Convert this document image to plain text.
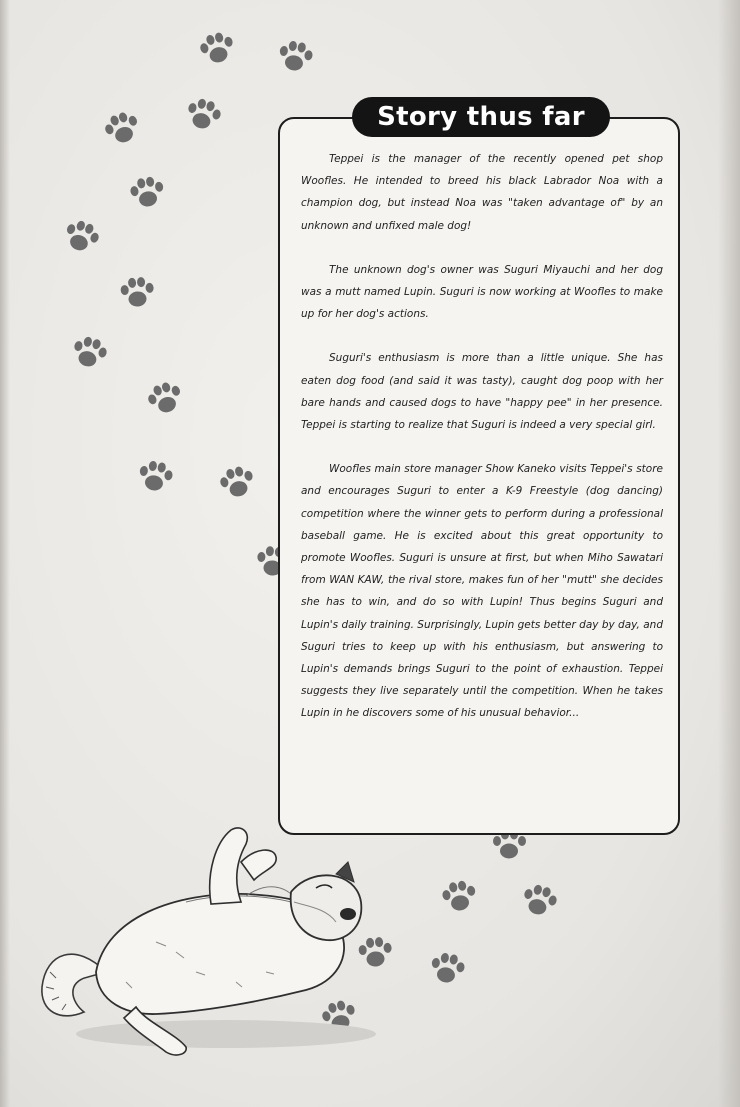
Story thus far

Teppei is the manager of the recently opened pet shop Woofles. He intended to breed his black Labrador Noa with a champion dog, but instead Noa was "taken advantage of" by an unknown and unfixed male dog!

The unknown dog's owner was Suguri Miyauchi and her dog was a mutt named Lupin. Suguri is now working at Woofles to make up for her dog's actions.

Suguri's enthusiasm is more than a little unique. She has eaten dog food (and said it was tasty), caught dog poop with her bare hands and caused dogs to have "happy pee" in her presence. Teppei is starting to realize that Suguri is indeed a very special girl.

Woofles main store manager Show Kaneko visits Teppei's store and encourages Suguri to enter a K-9 Freestyle (dog dancing) competition where the winner gets to perform during a professional baseball game. He is excited about this great opportunity to promote Woofles. Suguri is unsure at first, but when Miho Sawatari from WAN KAW, the rival store, makes fun of her "mutt" she decides she has to win, and do so with Lupin! Thus begins Suguri and Lupin's daily training. Surprisingly, Lupin gets better day by day, and Suguri tries to keep up with his enthusiasm, but answering to Lupin's demands brings Suguri to the point of exhaustion. Teppei suggests they live separately until the competition. When he takes Lupin in he discovers some of his unusual behavior...
